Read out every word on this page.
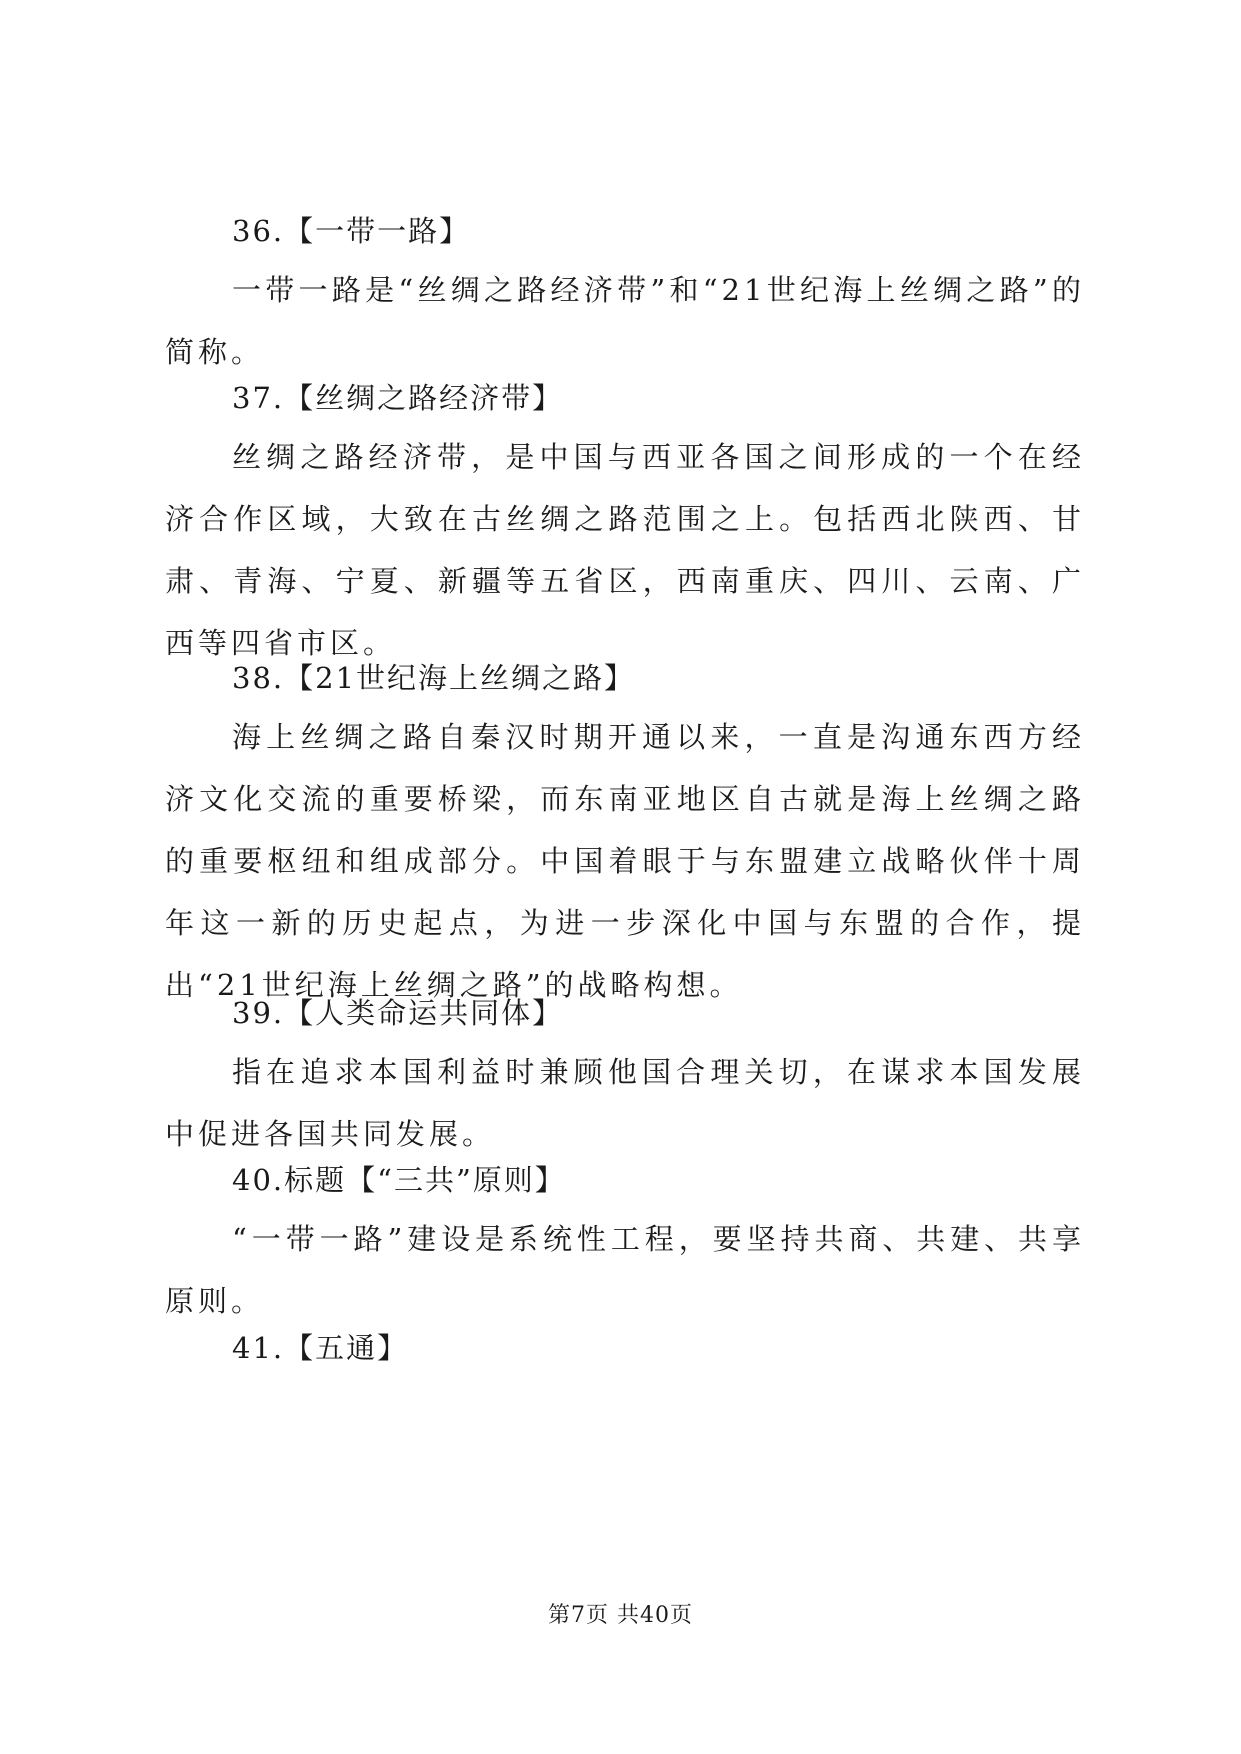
36.【一带一路】
一带一路是“丝绸之路经济带”和“21世纪海上丝绸之路”的简称。
37.【丝绸之路经济带】
丝绸之路经济带，是中国与西亚各国之间形成的一个在经济合作区域，大致在古丝绸之路范围之上。包括西北陕西、甘肃、青海、宁夏、新疆等五省区，西南重庆、四川、云南、广西等四省市区。
38.【21世纪海上丝绸之路】
海上丝绸之路自秦汉时期开通以来，一直是沟通东西方经济文化交流的重要桥梁，而东南亚地区自古就是海上丝绸之路的重要枢纽和组成部分。中国着眼于与东盟建立战略伙伴十周年这一新的历史起点，为进一步深化中国与东盟的合作，提出“21世纪海上丝绸之路”的战略构想。
39.【人类命运共同体】
指在追求本国利益时兼顾他国合理关切，在谋求本国发展中促进各国共同发展。
40.标题【“三共”原则】
“一带一路”建设是系统性工程，要坚持共商、共建、共享原则。
41.【五通】
第7页 共40页
